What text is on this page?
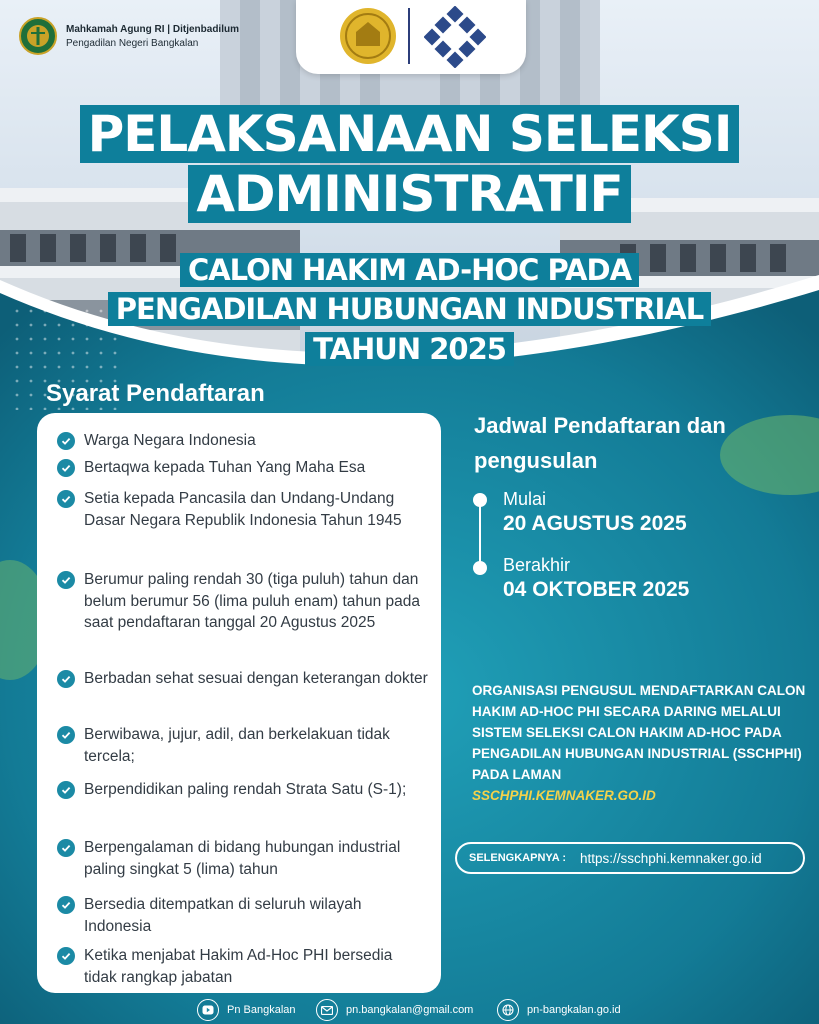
Mahkamah Agung RI | Ditjenbadilum
Pengadilan Negeri Bangkalan
PELAKSANAAN SELEKSI
ADMINISTRATIF
CALON HAKIM AD-HOC PADA
PENGADILAN HUBUNGAN INDUSTRIAL
TAHUN 2025
Syarat Pendaftaran
Warga Negara Indonesia
Bertaqwa kepada Tuhan Yang Maha Esa
Setia kepada Pancasila dan Undang-Undang Dasar Negara Republik Indonesia Tahun 1945
Berumur paling rendah 30 (tiga puluh) tahun dan belum berumur 56 (lima puluh enam) tahun pada saat pendaftaran tanggal 20 Agustus 2025
Berbadan sehat sesuai dengan keterangan dokter
Berwibawa, jujur, adil, dan berkelakuan tidak tercela;
Berpendidikan paling rendah Strata Satu (S-1);
Berpengalaman di bidang hubungan industrial paling singkat 5 (lima) tahun
Bersedia ditempatkan di seluruh wilayah Indonesia
Ketika menjabat Hakim Ad-Hoc PHI bersedia tidak rangkap jabatan
Jadwal Pendaftaran dan pengusulan
Mulai
20 AGUSTUS 2025
Berakhir
04 OKTOBER 2025
ORGANISASI PENGUSUL MENDAFTARKAN CALON HAKIM AD-HOC PHI SECARA DARING MELALUI SISTEM SELEKSI CALON HAKIM AD-HOC PADA PENGADILAN HUBUNGAN INDUSTRIAL (SSCHPHI) PADA LAMAN
SSCHPHI.KEMNAKER.GO.ID
SELENGKAPNYA : https://sschphi.kemnaker.go.id
Pn Bangkalan	pn.bangkalan@gmail.com	pn-bangkalan.go.id
